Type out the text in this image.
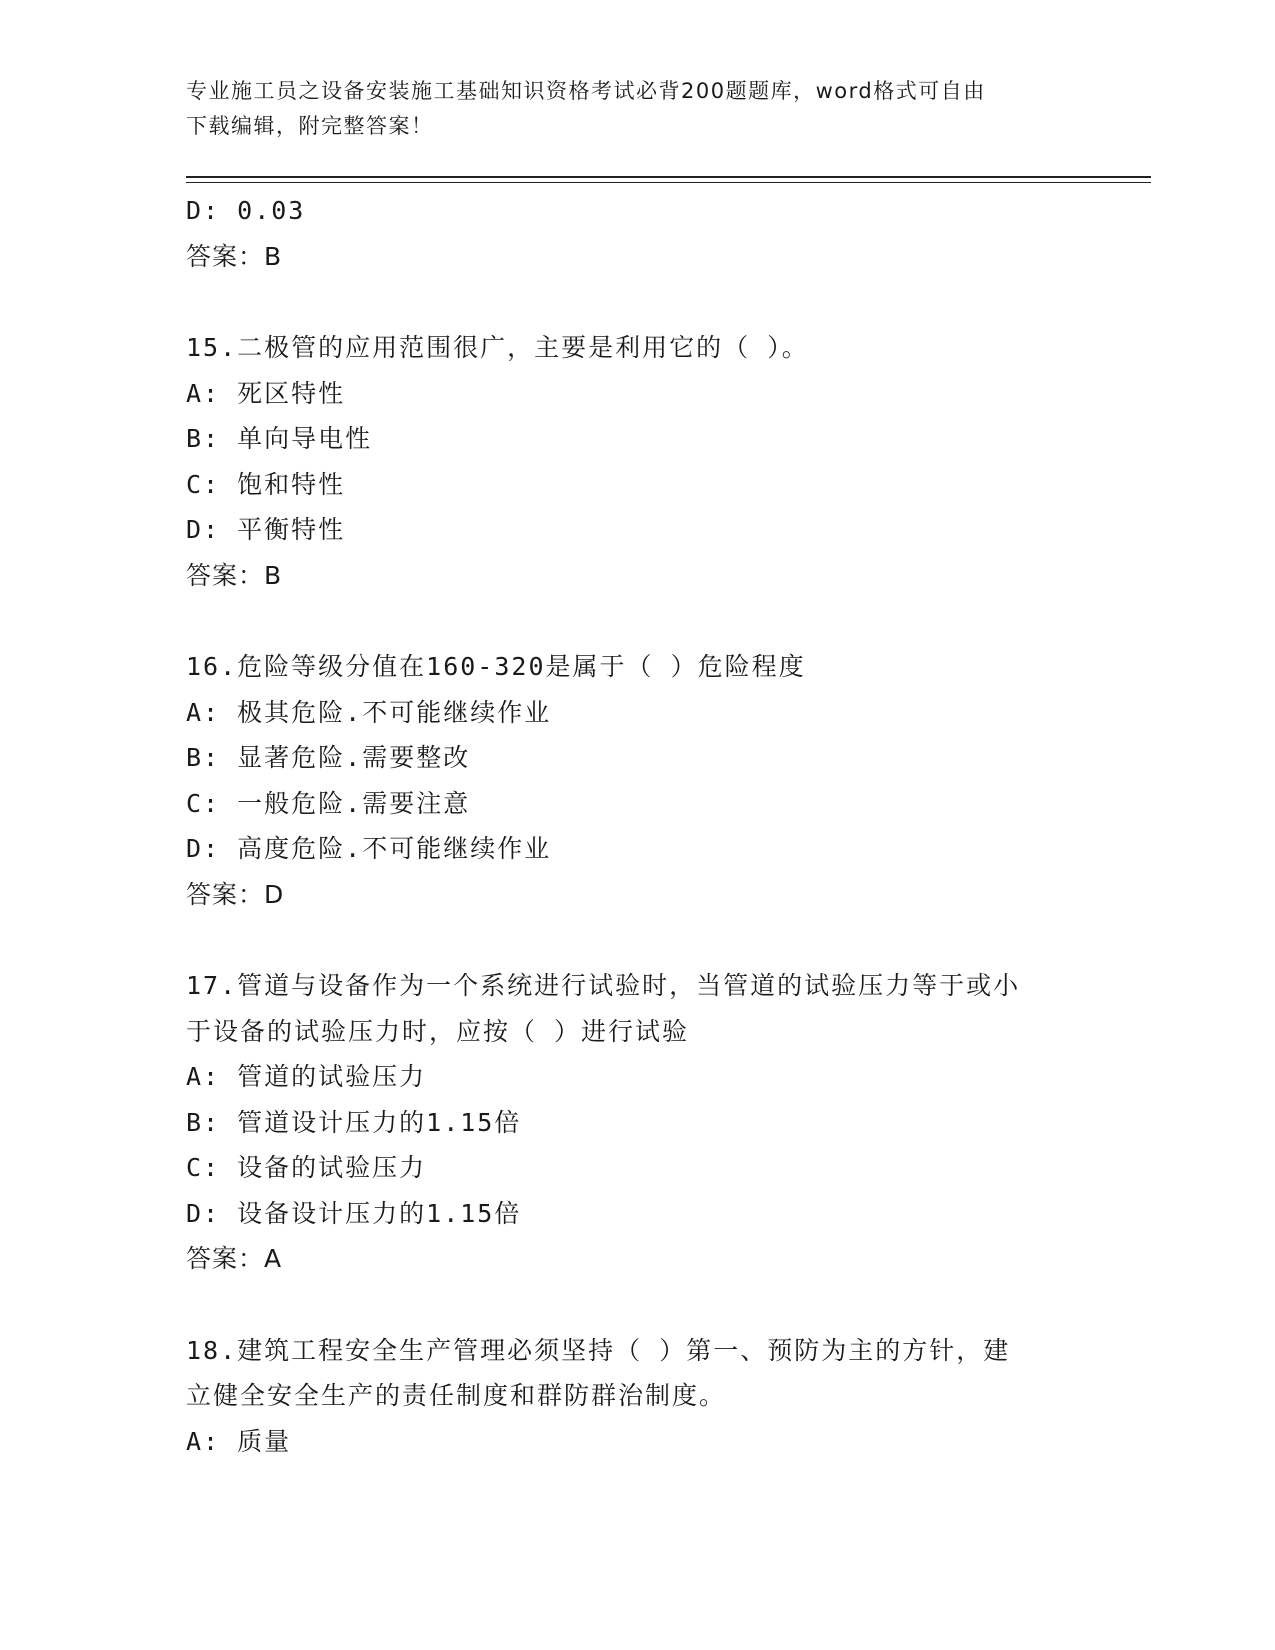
专业施工员之设备安装施工基础知识资格考试必背200题题库，word格式可自由
下载编辑，附完整答案！
D: 0.03
答案：B
15.二极管的应用范围很广，主要是利用它的（ ）。
A: 死区特性
B: 单向导电性
C: 饱和特性
D: 平衡特性
答案：B
16.危险等级分值在160-320是属于（ ）危险程度
A: 极其危险.不可能继续作业
B: 显著危险.需要整改
C: 一般危险.需要注意
D: 高度危险.不可能继续作业
答案：D
17.管道与设备作为一个系统进行试验时，当管道的试验压力等于或小
于设备的试验压力时，应按（ ）进行试验
A: 管道的试验压力
B: 管道设计压力的1.15倍
C: 设备的试验压力
D: 设备设计压力的1.15倍
答案：A
18.建筑工程安全生产管理必须坚持（ ）第一、预防为主的方针，建
立健全安全生产的责任制度和群防群治制度。
A: 质量
